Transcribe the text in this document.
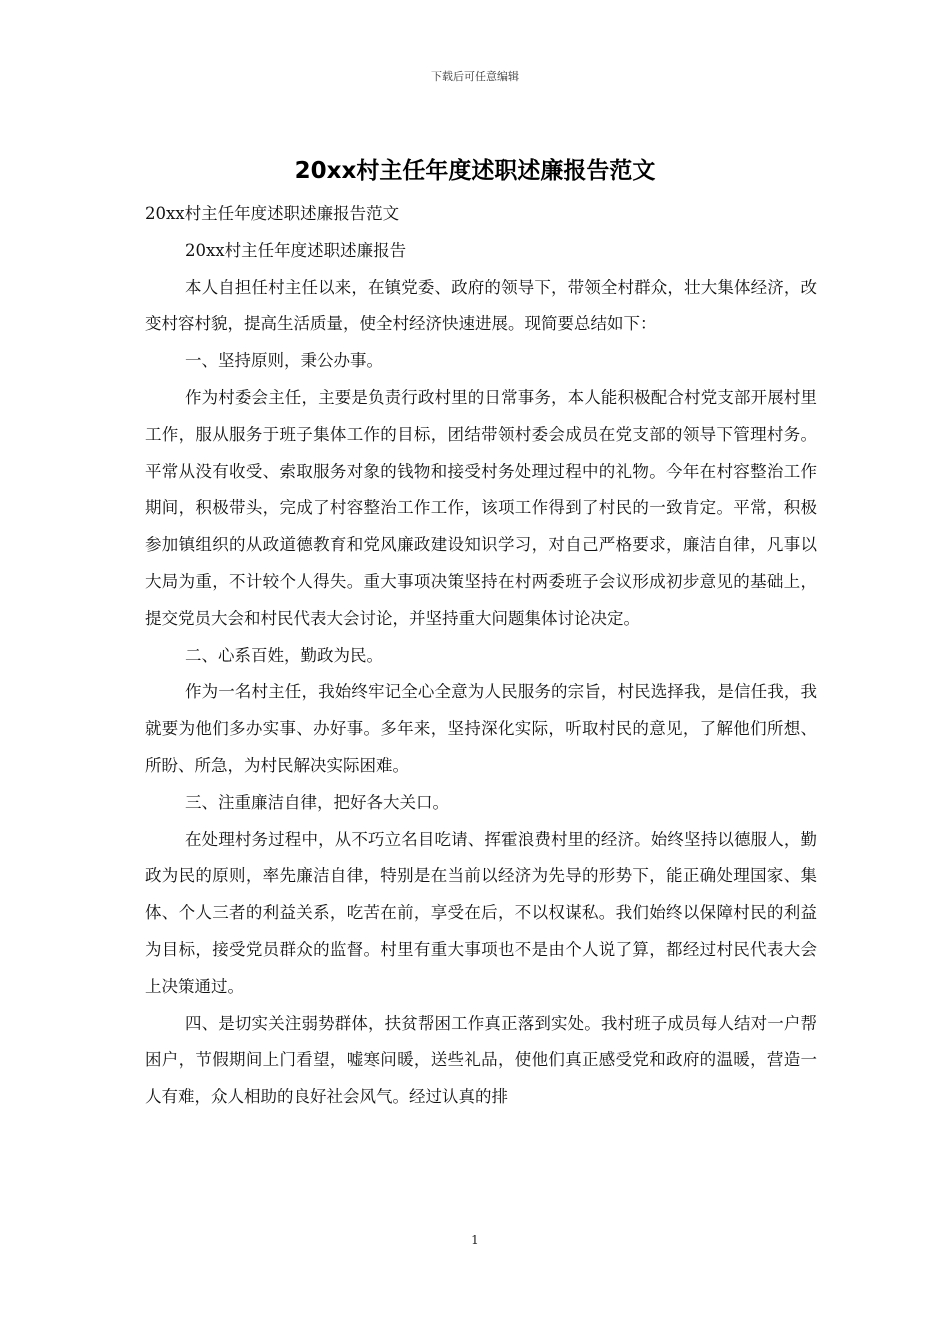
下载后可任意编辑
20xx村主任年度述职述廉报告范文

20xx村主任年度述职述廉报告范文

20xx村主任年度述职述廉报告

本人自担任村主任以来，在镇党委、政府的领导下，带领全村群众，壮大集体经济，改变村容村貌，提高生活质量，使全村经济快速进展。现简要总结如下：

一、坚持原则，秉公办事。

作为村委会主任，主要是负责行政村里的日常事务，本人能积极配合村党支部开展村里工作，服从服务于班子集体工作的目标，团结带领村委会成员在党支部的领导下管理村务。平常从没有收受、索取服务对象的钱物和接受村务处理过程中的礼物。今年在村容整治工作期间，积极带头，完成了村容整治工作工作，该项工作得到了村民的一致肯定。平常，积极参加镇组织的从政道德教育和党风廉政建设知识学习，对自己严格要求，廉洁自律，凡事以大局为重，不计较个人得失。重大事项决策坚持在村两委班子会议形成初步意见的基础上，提交党员大会和村民代表大会讨论，并坚持重大问题集体讨论决定。

二、心系百姓，勤政为民。

作为一名村主任，我始终牢记全心全意为人民服务的宗旨，村民选择我，是信任我，我就要为他们多办实事、办好事。多年来，坚持深化实际，听取村民的意见，了解他们所想、所盼、所急，为村民解决实际困难。

三、注重廉洁自律，把好各大关口。

在处理村务过程中，从不巧立名目吃请、挥霍浪费村里的经济。始终坚持以德服人，勤政为民的原则，率先廉洁自律，特别是在当前以经济为先导的形势下，能正确处理国家、集体、个人三者的利益关系，吃苦在前，享受在后，不以权谋私。我们始终以保障村民的利益为目标，接受党员群众的监督。村里有重大事项也不是由个人说了算，都经过村民代表大会上决策通过。

四、是切实关注弱势群体，扶贫帮困工作真正落到实处。我村班子成员每人结对一户帮困户，节假期间上门看望，嘘寒问暖，送些礼品，使他们真正感受党和政府的温暖，营造一人有难，众人相助的良好社会风气。经过认真的排

1
